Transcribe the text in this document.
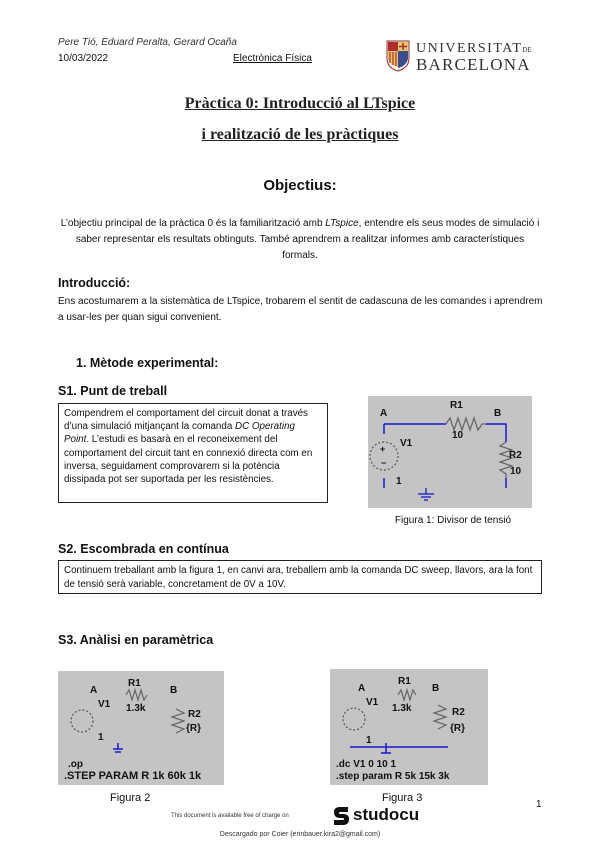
Pere Tió, Eduard Peralta, Gerard Ocaña
10/03/2022	Electrònica Física
UNIVERSITATDE
BARCELONA
Pràctica 0: Introducció al LTspice
i realització de les pràctiques
Objectius:
L’objectiu principal de la pràctica 0 és la familiarització amb LTspice, entendre els seus modes de simulació i saber representar els resultats obtinguts. També aprendrem a realitzar informes amb característiques formals.
Introducció:
Ens acostumarem a la sistemàtica de LTspice, trobarem el sentit de cadascuna de les comandes i aprendrem a usar-les per quan sigui convenient.
1. Mètode experimental:
S1. Punt de treball
Compendrem el comportament del circuit donat a través d’una simulació mitjançant la comanda DC Operating Point. L’estudi es basarà en el reconeixement del comportament del circuit tant en connexió directa com en inversa, seguidament comprovarem si la potència dissipada pot ser suportada per les resistències.
+
−
A	B
R1
10
R2
10
V1
1
Figura 1: Divisor de tensió
S2. Escombrada en contínua
Continuem treballant amb la figura 1, en canvi ara, treballem amb la comanda DC sweep, llavors, ara la font de tensió serà variable, concretament de 0V a 10V.
S3. Anàlisi en paramètrica
A	B
R1
1.3k
R2
{R}
V1
1
.op
.STEP PARAM R 1k 60k 1k
A	B
R1
1.3k	R2
{R}
V1
1
.dc V1 0 10 1
.step param R 5k 15k 3k
Figura 2	Figura 3
1
This document is available free of charge on	studocu
Descargado por Coier (erinbauer.kira2@gmail.com)
